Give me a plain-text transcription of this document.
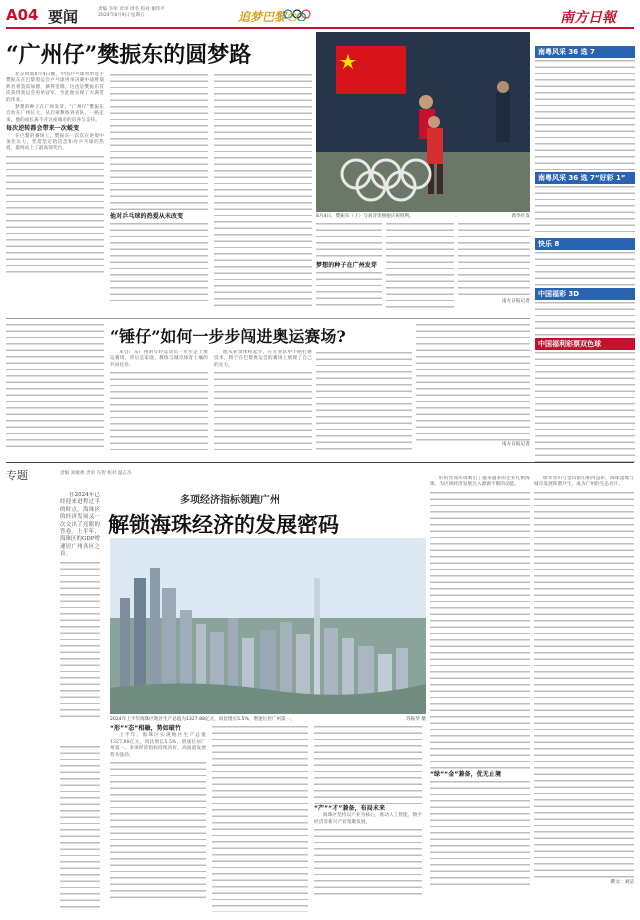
A04 要闻	责编 李彤 责审 周冬 校对 谢伟平
2024年8月9日 星期五	追梦巴黎	南方日報
“广州仔”樊振东的圆梦路

北京时间8月4日晚，中国乒乓球男单选手樊振东在巴黎奥运会乒乓球男单决赛中战胜瑞典名将莫雷加德，摘得金牌。这也是樊振东首次获得奥运会男单冠军，至此他实现了大满贯的伟业。

梦想的种子在广州发芽，“广州仔”樊振东自幼在广州长大，从启蒙教练到省队，一路走来，他的成长离不开这座城市的培养与支持。

每次逆转都会带来一次蜕变

在巴黎的赛场上，樊振东一次次在逆境中顶住压力，凭借坚定的信念和对乒乓球的热爱，最终站上了最高领奖台。

他对乒乓球的热爱从未改变	8月4日，樊振东（上）与刘诗雯拥抱庆祝胜利。	新华社发
梦想的种子在广州发芽
南方日报记者
“锤仔”如何一步步闯进奥运赛场?

来自广东广州的年轻运动员一步步走上奥运赛场，背后是家庭、教练与城市体育土壤的共同托举。

他从业余体校起步，在专业队中不断打磨技术，终于在巴黎奥运会的赛场上展现了自己的实力。

南方日报记者
南粤风采 36 选 7
南粤风采 36 选 7“好彩 1”
快乐 8
中国福彩 3D
中国福利彩票双色球
专题	责编 刘敏燕 责审 冯智 校对 温志杰
多项经济指标领跑广州
解锁海珠经济的发展密码

在2024年已经迎来进程过半的时点，海珠区的经济发展又一次交出了亮眼的答卷。上半年，海珠区的GDP增速居广州各区之首。

2024年上半年海珠区地区生产总值为1327.88亿元，同比增长5.5%，增速位居广州第一。	苏振华 摄
“形”“态”相融，势如破竹

上半年，海珠区实现地区生产总值1327.88亿元，同比增长5.5%，增速位居广州第一。多项经济指标持续向好，高质量发展势头强劲。

“产”“才”兼备，布局未来

海珠区坚持以产业为核心，推动人工智能、数字经济等新兴产业集聚发展。

好的营商环境吸引了越来越多的企业扎根海珠，为区域经济发展注入源源不断的动能。

“绿”“金”兼备，优无止境

绿水青山与金山银山相得益彰，海珠湿地与城市发展和谐共生，成为广州的生态名片。

撰文：刘洁
